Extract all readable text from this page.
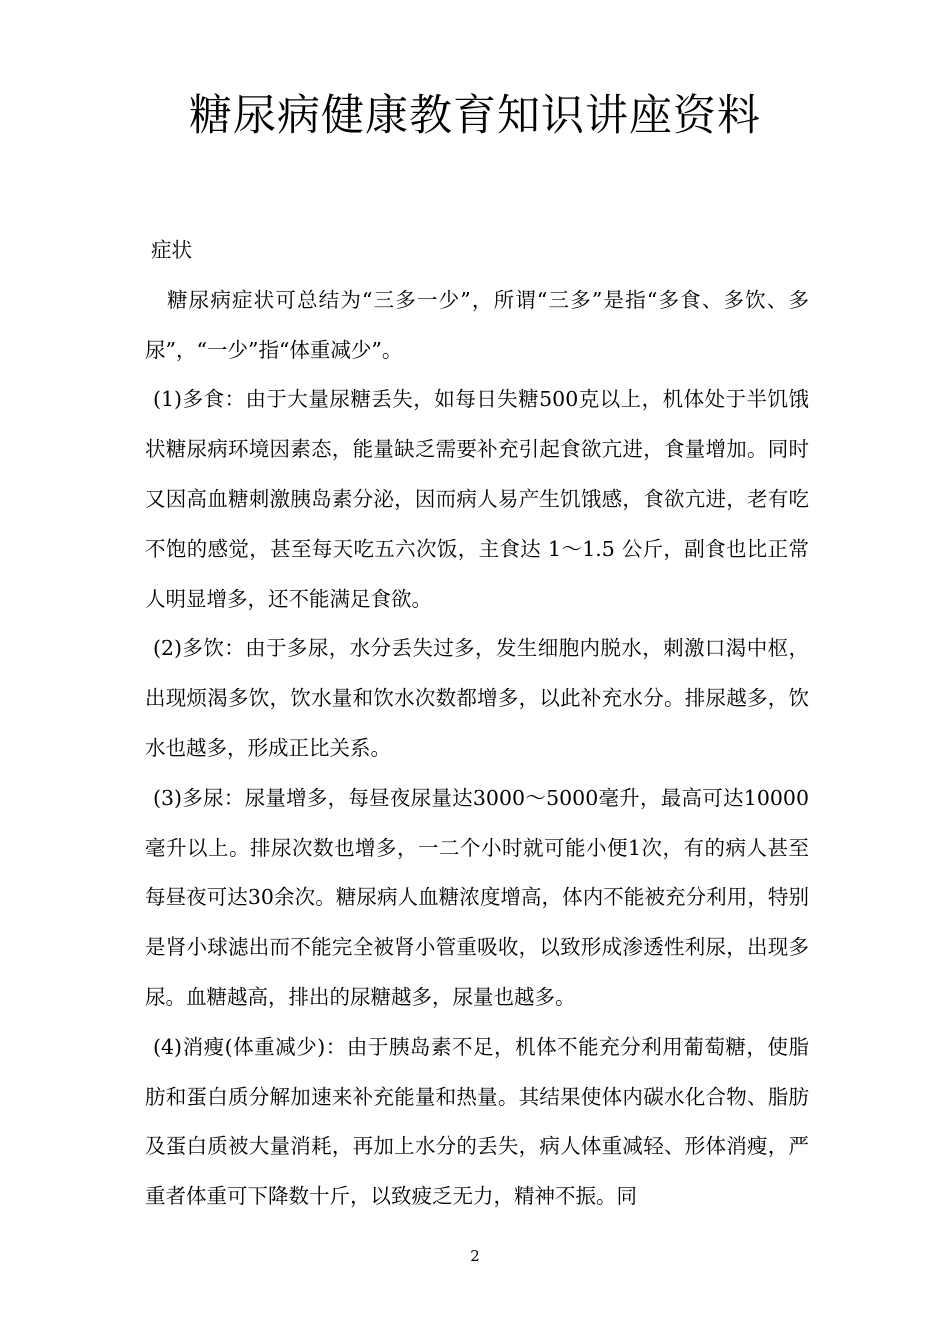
糖尿病健康教育知识讲座资料

症状

糖尿病症状可总结为“三多一少”，所谓“三多”是指“多食、多饮、多尿”，“一少”指“体重减少”。

(1)多食：由于大量尿糖丢失，如每日失糖500克以上，机体处于半饥饿状糖尿病环境因素态，能量缺乏需要补充引起食欲亢进，食量增加。同时又因高血糖刺激胰岛素分泌，因而病人易产生饥饿感，食欲亢进，老有吃不饱的感觉，甚至每天吃五六次饭，主食达 1～1.5 公斤，副食也比正常人明显增多，还不能满足食欲。

(2)多饮：由于多尿，水分丢失过多，发生细胞内脱水，刺激口渴中枢，出现烦渴多饮，饮水量和饮水次数都增多，以此补充水分。排尿越多，饮水也越多，形成正比关系。

(3)多尿：尿量增多，每昼夜尿量达3000～5000毫升，最高可达10000毫升以上。排尿次数也增多，一二个小时就可能小便1次，有的病人甚至每昼夜可达30余次。糖尿病人血糖浓度增高，体内不能被充分利用，特别是肾小球滤出而不能完全被肾小管重吸收，以致形成渗透性利尿，出现多尿。血糖越高，排出的尿糖越多，尿量也越多。

(4)消瘦(体重减少)：由于胰岛素不足，机体不能充分利用葡萄糖，使脂肪和蛋白质分解加速来补充能量和热量。其结果使体内碳水化合物、脂肪及蛋白质被大量消耗，再加上水分的丢失，病人体重减轻、形体消瘦，严重者体重可下降数十斤，以致疲乏无力，精神不振。同

2
